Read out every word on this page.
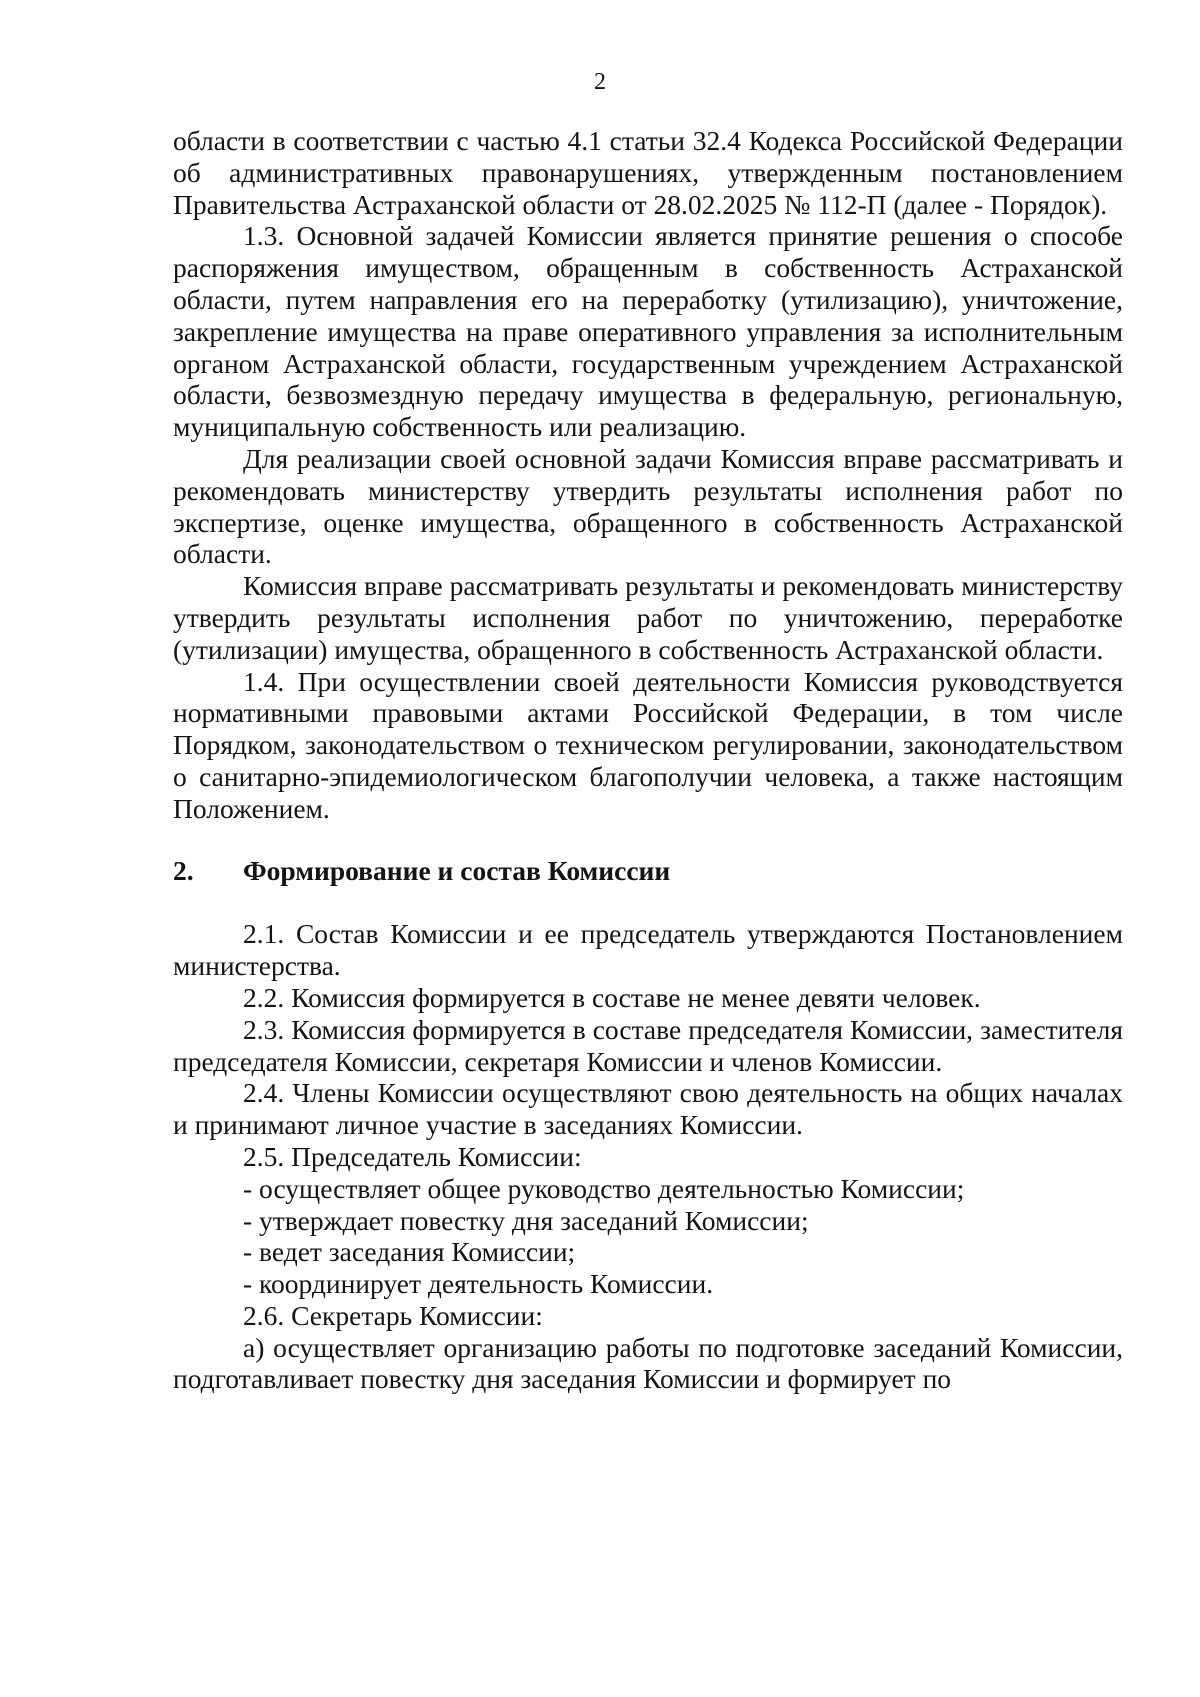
2

области в соответствии с частью 4.1 статьи 32.4 Кодекса Российской Федерации об административных правонарушениях, утвержденным постановлением Правительства Астраханской области от 28.02.2025 № 112-П (далее - Порядок).

1.3. Основной задачей Комиссии является принятие решения о способе распоряжения имуществом, обращенным в собственность Астраханской области, путем направления его на переработку (утилизацию), уничтожение, закрепление имущества на праве оперативного управления за исполнительным органом Астраханской области, государственным учреждением Астраханской области, безвозмездную передачу имущества в федеральную, региональную, муниципальную собственность или реализацию.

Для реализации своей основной задачи Комиссия вправе рассматривать и рекомендовать министерству утвердить результаты исполнения работ по экспертизе, оценке имущества, обращенного в собственность Астраханской области.

Комиссия вправе рассматривать результаты и рекомендовать министерству утвердить результаты исполнения работ по уничтожению, переработке (утилизации) имущества, обращенного в собственность Астраханской области.

1.4. При осуществлении своей деятельности Комиссия руководствуется нормативными правовыми актами Российской Федерации, в том числе Порядком, законодательством о техническом регулировании, законодательством о санитарно-эпидемиологическом благополучии человека, а также настоящим Положением.

2. Формирование и состав Комиссии

2.1. Состав Комиссии и ее председатель утверждаются Постановлением министерства.

2.2. Комиссия формируется в составе не менее девяти человек.

2.3. Комиссия формируется в составе председателя Комиссии, заместителя председателя Комиссии, секретаря Комиссии и членов Комиссии.

2.4. Члены Комиссии осуществляют свою деятельность на общих началах и принимают личное участие в заседаниях Комиссии.

2.5. Председатель Комиссии:

- осуществляет общее руководство деятельностью Комиссии;

- утверждает повестку дня заседаний Комиссии;

- ведет заседания Комиссии;

- координирует деятельность Комиссии.

2.6. Секретарь Комиссии:

а) осуществляет организацию работы по подготовке заседаний Комиссии, подготавливает повестку дня заседания Комиссии и формирует по
